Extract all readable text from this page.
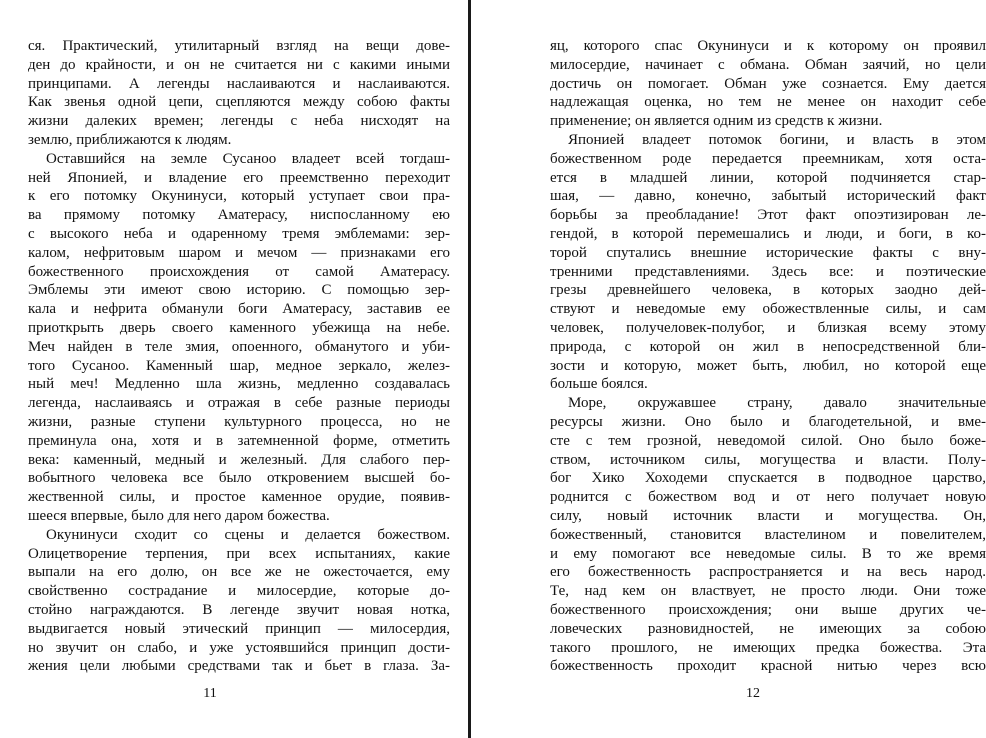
ся. Практический, утилитарный взгляд на вещи дове-
ден до крайности, и он не считается ни с какими иными
принципами. А легенды наслаиваются и наслаиваются.
Как звенья одной цепи, сцепляются между собою факты
жизни далеких времен; легенды с неба нисходят на
землю, приближаются к людям.
Оставшийся на земле Сусаноо владеет всей тогдаш-
ней Японией, и владение его преемственно переходит
к его потомку Окунинуси, который уступает свои пра-
ва прямому потомку Аматерасу, ниспосланному ею
с высокого неба и одаренному тремя эмблемами: зер-
калом, нефритовым шаром и мечом — признаками его
божественного происхождения от самой Аматерасу.
Эмблемы эти имеют свою историю. С помощью зер-
кала и нефрита обманули боги Аматерасу, заставив ее
приоткрыть дверь своего каменного убежища на небе.
Меч найден в теле змия, опоенного, обманутого и уби-
того Сусаноо. Каменный шар, медное зеркало, желез-
ный меч! Медленно шла жизнь, медленно создавалась
легенда, наслаиваясь и отражая в себе разные периоды
жизни, разные ступени культурного процесса, но не
преминула она, хотя и в затемненной форме, отметить
века: каменный, медный и железный. Для слабого пер-
вобытного человека все было откровением высшей бо-
жественной силы, и простое каменное орудие, появив-
шееся впервые, было для него даром божества.
Окунинуси сходит со сцены и делается божеством.
Олицетворение терпения, при всех испытаниях, какие
выпали на его долю, он все же не ожесточается, ему
свойственно сострадание и милосердие, которые до-
стойно награждаются. В легенде звучит новая нотка,
выдвигается новый этический принцип — милосердия,
но звучит он слабо, и уже устоявшийся принцип дости-
жения цели любыми средствами так и бьет в глаза. За-
11
яц, которого спас Окунинуси и к которому он проявил
милосердие, начинает с обмана. Обман заячий, но цели
достичь он помогает. Обман уже сознается. Ему дается
надлежащая оценка, но тем не менее он находит себе
применение; он является одним из средств к жизни.
Японией владеет потомок богини, и власть в этом
божественном роде передается преемникам, хотя оста-
ется в младшей линии, которой подчиняется стар-
шая, — давно, конечно, забытый исторический факт
борьбы за преобладание! Этот факт опоэтизирован ле-
гендой, в которой перемешались и люди, и боги, в ко-
торой спутались внешние исторические факты с вну-
тренними представлениями. Здесь все: и поэтические
грезы древнейшего человека, в которых заодно дей-
ствуют и неведомые ему обожествленные силы, и сам
человек, получеловек-полубог, и близкая всему этому
природа, с которой он жил в непосредственной бли-
зости и которую, может быть, любил, но которой еще
больше боялся.
Море, окружавшее страну, давало значительные
ресурсы жизни. Оно было и благодетельной, и вме-
сте с тем грозной, неведомой силой. Оно было боже-
ством, источником силы, могущества и власти. Полу-
бог Хико Хоходеми спускается в подводное царство,
роднится с божеством вод и от него получает новую
силу, новый источник власти и могущества. Он,
божественный, становится властелином и повелителем,
и ему помогают все неведомые силы. В то же время
его божественность распространяется и на весь народ.
Те, над кем он властвует, не просто люди. Они тоже
божественного происхождения; они выше других че-
ловеческих разновидностей, не имеющих за собою
такого прошлого, не имеющих предка божества. Эта
божественность проходит красной нитью через всю
12
